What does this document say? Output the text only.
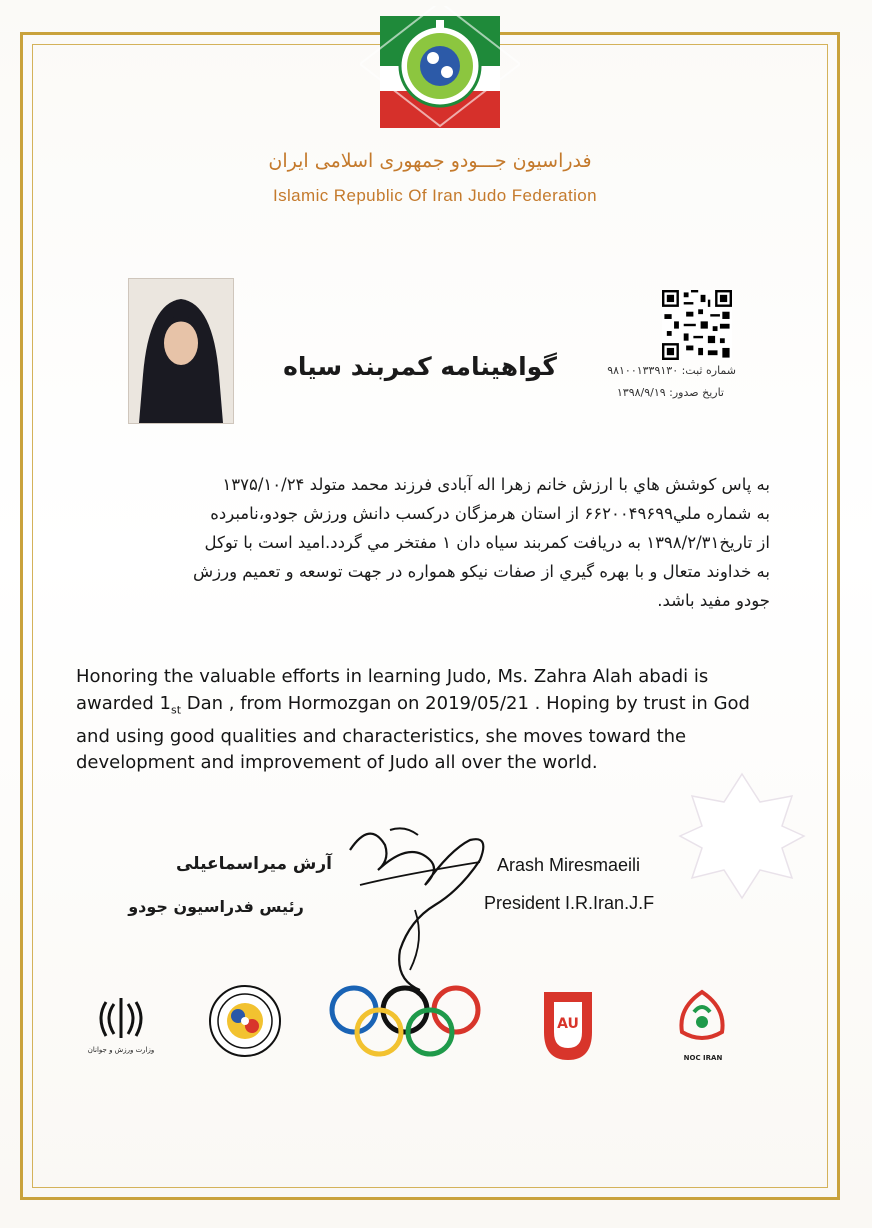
فدراسیون جـــودو جمهوری اسلامی ایران
Islamic Republic Of Iran Judo Federation
گواهینامه کمربند سیاه	شماره ثبت: ۹۸۱۰۰۱۳۳۹۱۳۰
تاریخ صدور: ۱۳۹۸/۹/۱۹
به پاس کوشش هاي با ارزش خانم زهرا اله آبادی فرزند محمد متولد ۱۳۷۵/۱۰/۲۴
به شماره ملي۶۶۲۰۰۴۹۶۹۹ از استان هرمزگان درکسب دانش ورزش جودو،نامبرده
از تاریخ۱۳۹۸/۲/۳۱ به دریافت کمربند سیاه دان ۱ مفتخر مي گردد.امید است با توکل
به خداوند متعال و با بهره گیري از صفات نیکو همواره در جهت توسعه و تعمیم ورزش
جودو مفید باشد.
Honoring the valuable efforts in learning Judo, Ms. Zahra Alah abadi is awarded $1_{st}$ Dan , from Hormozgan on 2019/05/21 . Hoping by trust in God and using good qualities and characteristics, she moves toward the development and improvement of Judo all over the world.
آرش میراسماعیلی
رئیس فدراسیون جودو
Arash Miresmaeili
President I.R.Iran.J.F
وزارت ورزش و جوانان
AU
NOC IRAN
